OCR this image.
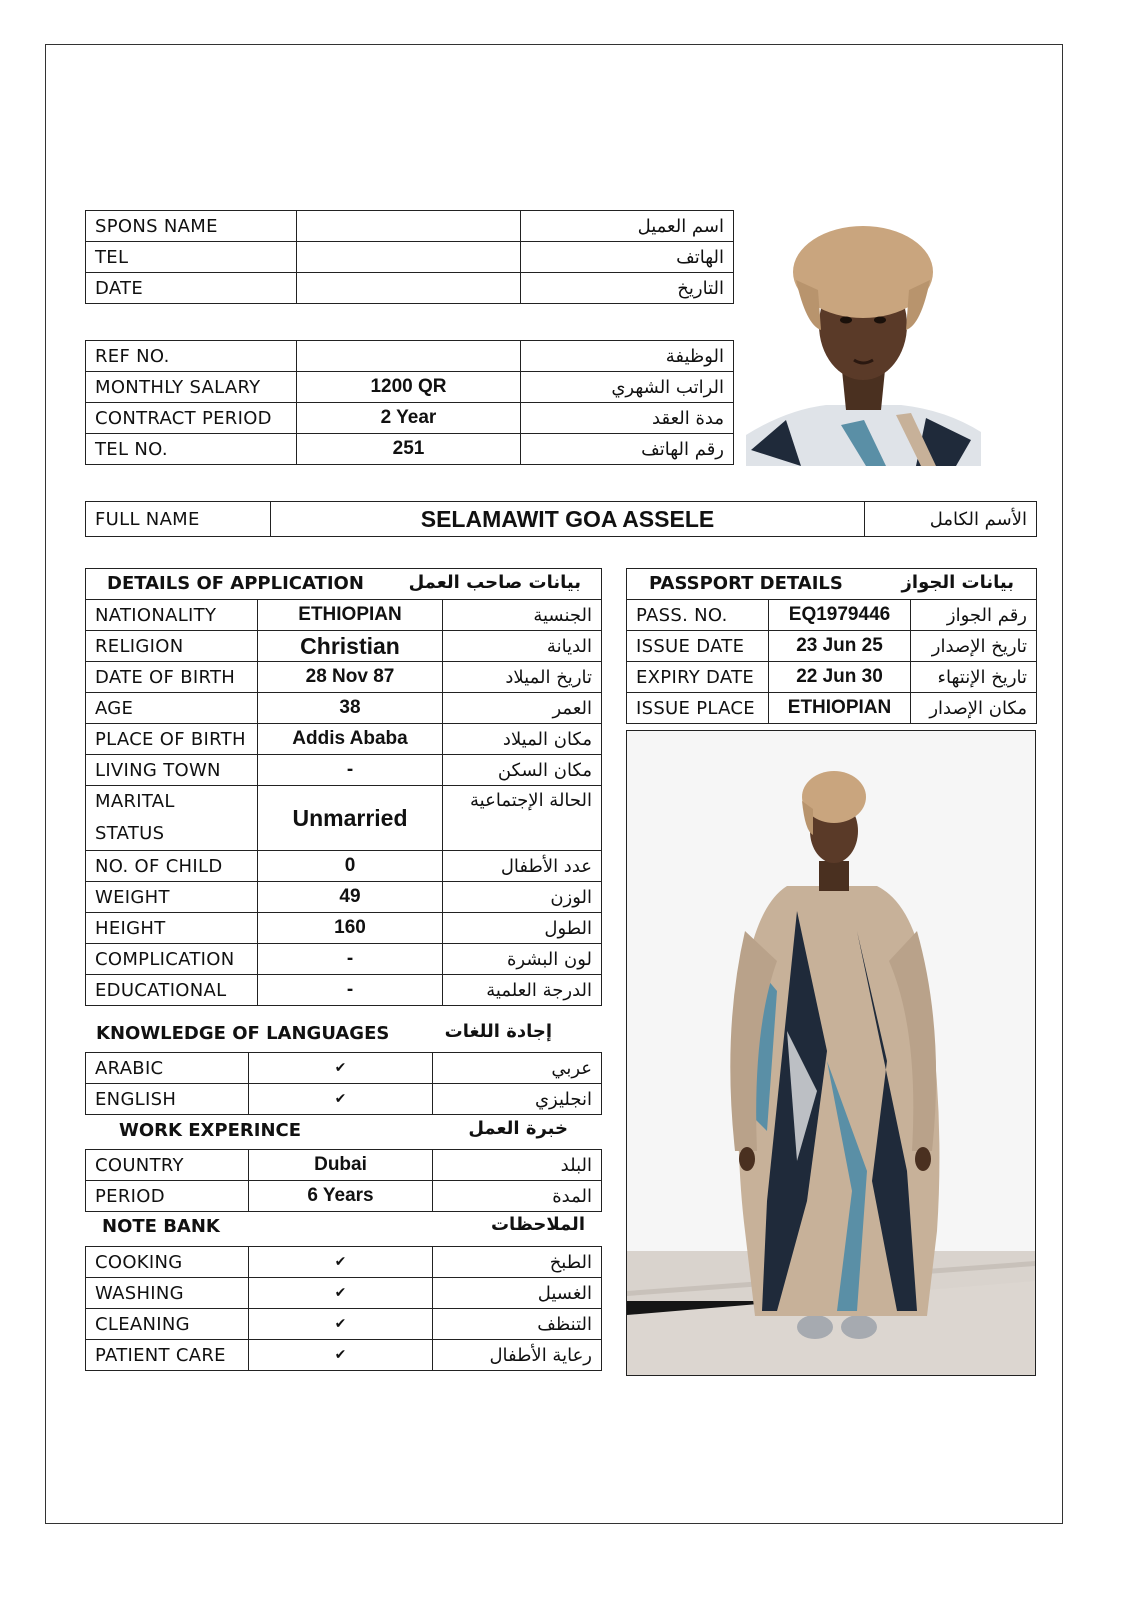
SPONS NAME		اسم العميل
TEL		الهاتف
DATE		التاريخ
REF NO.		الوظيفة
MONTHLY SALARY	1200 QR	الراتب الشهري
CONTRACT PERIOD	2 Year	مدة العقد
TEL NO.	251	رقم الهاتف
FULL NAME	SELAMAWIT GOA ASSELE	الأسم الكامل
DETAILS OF APPLICATION بيانات صاحب العمل		

NATIONALITY	ETHIOPIAN	الجنسية
RELIGION	Christian	الديانة
DATE OF BIRTH	28 Nov 87	تاريخ الميلاد
AGE	38	العمر
PLACE OF BIRTH	Addis Ababa	مكان الميلاد
LIVING TOWN	-	مكان السكن
MARITAL STATUS	Unmarried	الحالة الإجتماعية
NO. OF CHILD	0	عدد الأطفال
WEIGHT	49	الوزن
HEIGHT	160	الطول
COMPLICATION	-	لون البشرة
EDUCATIONAL	-	الدرجة العلمية
KNOWLEDGE OF LANGUAGES	إجادة اللغات
ARABIC	✔	عربي
ENGLISH	✔	انجليزي
WORK EXPERINCE	خبرة العمل
COUNTRY	Dubai	البلد
PERIOD	6 Years	المدة
NOTE BANK	الملاحظات
COOKING	✔	الطبخ
WASHING	✔	الغسيل
CLEANING	✔	التنظف
PATIENT CARE	✔	رعاية الأطفال
PASSPORT DETAILS بيانات الجواز		

PASS. NO.	EQ1979446	رقم الجواز
ISSUE DATE	23 Jun 25	تاريخ الإصدار
EXPIRY DATE	22 Jun 30	تاريخ الإنتهاء
ISSUE PLACE	ETHIOPIAN	مكان الإصدار
